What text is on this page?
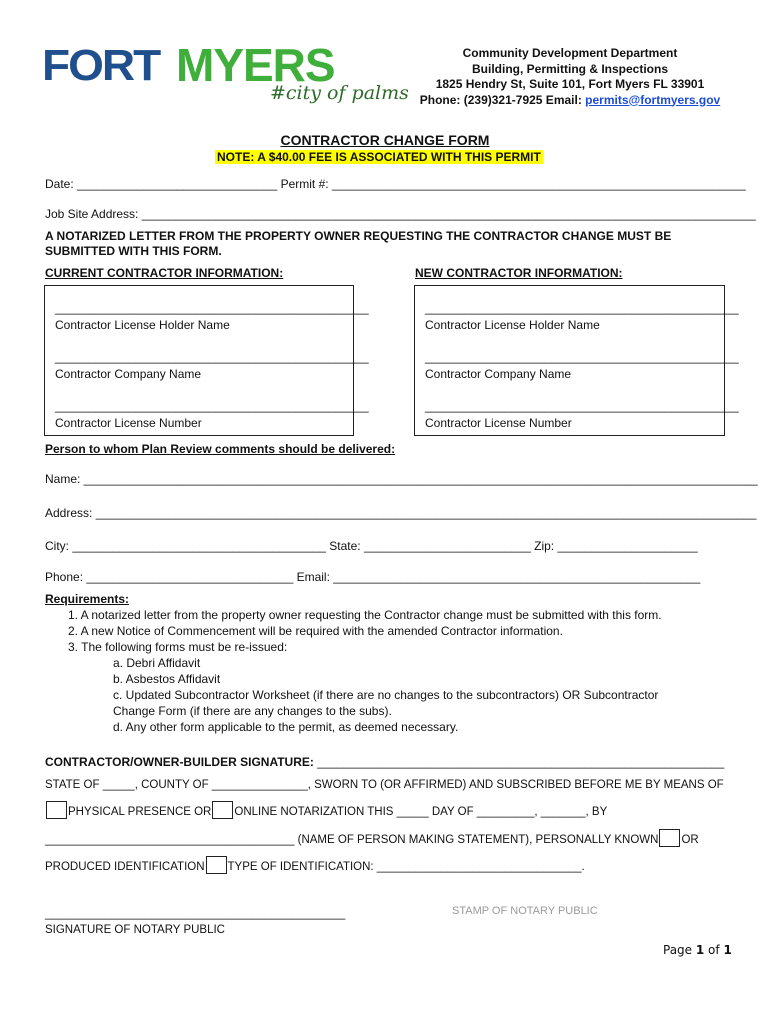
FORT MYERS
#city of palms
Community Development Department
Building, Permitting & Inspections
1825 Hendry St, Suite 101, Fort Myers FL 33901
Phone: (239)321-7925 Email: permits@fortmyers.gov
CONTRACTOR CHANGE FORM
NOTE: A $40.00 FEE IS ASSOCIATED WITH THIS PERMIT
Date: ______________________________ Permit #: ______________________________________________________________
Job Site Address: ____________________________________________________________________________________________
A NOTARIZED LETTER FROM THE PROPERTY OWNER REQUESTING THE CONTRACTOR CHANGE MUST BE
SUBMITTED WITH THIS FORM.
CURRENT CONTRACTOR INFORMATION:	NEW CONTRACTOR INFORMATION:
_______________________________________________
Contractor License Holder Name
_______________________________________________
Contractor Company Name
_______________________________________________
Contractor License Number
_______________________________________________
Contractor License Holder Name
_______________________________________________
Contractor Company Name
_______________________________________________
Contractor License Number
Person to whom Plan Review comments should be delivered:
Name: _____________________________________________________________________________________________________
Address: ___________________________________________________________________________________________________
City: ______________________________________ State: _________________________ Zip: _____________________
Phone: _______________________________ Email: _______________________________________________________
Requirements:
1. A notarized letter from the property owner requesting the Contractor change must be submitted with this form.
2. A new Notice of Commencement will be required with the amended Contractor information.
3. The following forms must be re-issued:
a. Debri Affidavit
b. Asbestos Affidavit
c. Updated Subcontractor Worksheet (if there are no changes to the subcontractors) OR Subcontractor
Change Form (if there are any changes to the subs).
d. Any other form applicable to the permit, as deemed necessary.
CONTRACTOR/OWNER-BUILDER SIGNATURE: _____________________________________________________________
STATE OF _____, COUNTY OF _______________, SWORN TO (OR AFFIRMED) AND SUBSCRIBED BEFORE ME BY MEANS OF
PHYSICAL PRESENCE OR ONLINE NOTARIZATION THIS _____ DAY OF _________, _______, BY
_______________________________________ (NAME OF PERSON MAKING STATEMENT), PERSONALLY KNOWN OR
PRODUCED IDENTIFICATION TYPE OF IDENTIFICATION: ________________________________.
_____________________________________________
SIGNATURE OF NOTARY PUBLIC
STAMP OF NOTARY PUBLIC
Page 1 of 1
